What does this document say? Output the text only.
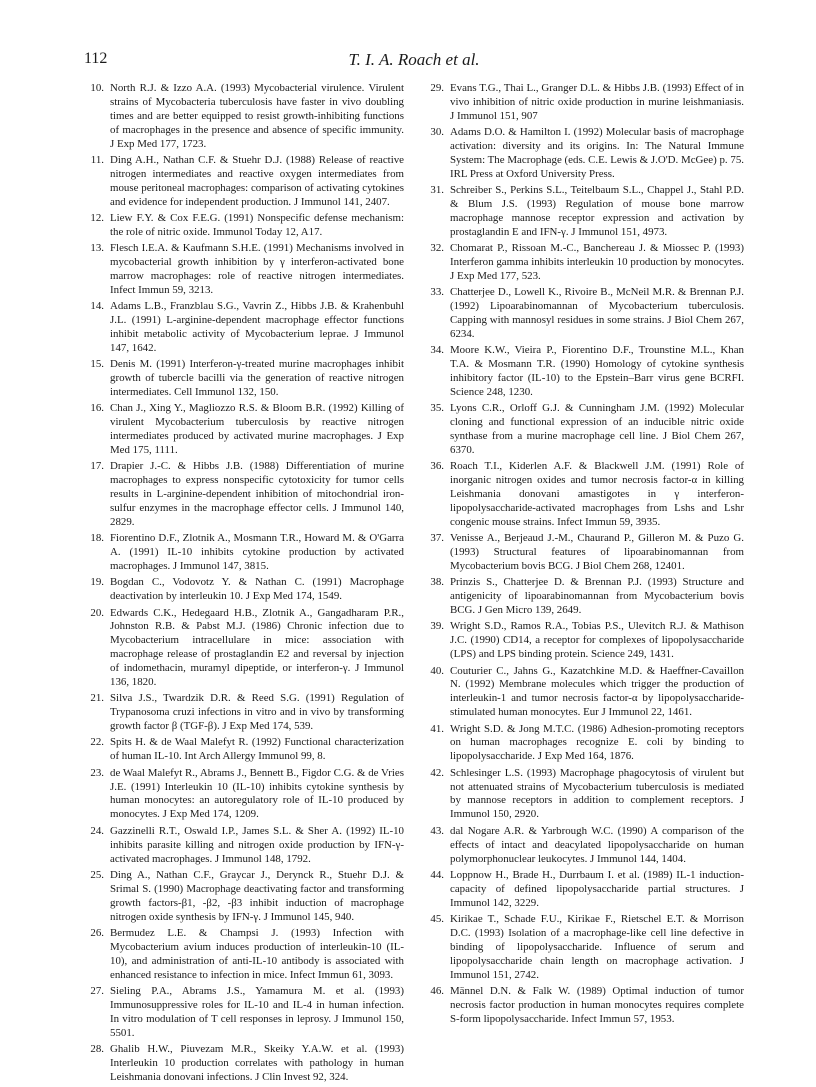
112	T. I. A. Roach et al.
10. North R.J. & Izzo A.A. (1993) Mycobacterial virulence. Virulent strains of Mycobacteria tuberculosis have faster in vivo doubling times and are better equipped to resist growth-inhibiting functions of macrophages in the presence and absence of specific immunity. J Exp Med 177, 1723.
11. Ding A.H., Nathan C.F. & Stuehr D.J. (1988) Release of reactive nitrogen intermediates and reactive oxygen intermediates from mouse peritoneal macrophages: comparison of activating cytokines and evidence for independent production. J Immunol 141, 2407.
12. Liew F.Y. & Cox F.E.G. (1991) Nonspecific defense mechanism: the role of nitric oxide. Immunol Today 12, A17.
13. Flesch I.E.A. & Kaufmann S.H.E. (1991) Mechanisms involved in mycobacterial growth inhibition by γ interferon-activated bone marrow macrophages: role of reactive nitrogen intermediates. Infect Immun 59, 3213.
14. Adams L.B., Franzblau S.G., Vavrin Z., Hibbs J.B. & Krahenbuhl J.L. (1991) L-arginine-dependent macrophage effector functions inhibit metabolic activity of Mycobacterium leprae. J Immunol 147, 1642.
15. Denis M. (1991) Interferon-γ-treated murine macrophages inhibit growth of tubercle bacilli via the generation of reactive nitrogen intermediates. Cell Immunol 132, 150.
16. Chan J., Xing Y., Magliozzo R.S. & Bloom B.R. (1992) Killing of virulent Mycobacterium tuberculosis by reactive nitrogen intermediates produced by activated murine macrophages. J Exp Med 175, 1111.
17. Drapier J.-C. & Hibbs J.B. (1988) Differentiation of murine macrophages to express nonspecific cytotoxicity for tumor cells results in L-arginine-dependent inhibition of mitochondrial iron-sulfur enzymes in the macrophage effector cells. J Immunol 140, 2829.
18. Fiorentino D.F., Zlotnik A., Mosmann T.R., Howard M. & O'Garra A. (1991) IL-10 inhibits cytokine production by activated macrophages. J Immunol 147, 3815.
19. Bogdan C., Vodovotz Y. & Nathan C. (1991) Macrophage deactivation by interleukin 10. J Exp Med 174, 1549.
20. Edwards C.K., Hedegaard H.B., Zlotnik A., Gangadharam P.R., Johnston R.B. & Pabst M.J. (1986) Chronic infection due to Mycobacterium intracellulare in mice: association with macrophage release of prostaglandin E2 and reversal by injection of indomethacin, muramyl dipeptide, or interferon-γ. J Immunol 136, 1820.
21. Silva J.S., Twardzik D.R. & Reed S.G. (1991) Regulation of Trypanosoma cruzi infections in vitro and in vivo by transforming growth factor β (TGF-β). J Exp Med 174, 539.
22. Spits H. & de Waal Malefyt R. (1992) Functional characterization of human IL-10. Int Arch Allergy Immunol 99, 8.
23. de Waal Malefyt R., Abrams J., Bennett B., Figdor C.G. & de Vries J.E. (1991) Interleukin 10 (IL-10) inhibits cytokine synthesis by human monocytes: an autoregulatory role of IL-10 produced by monocytes. J Exp Med 174, 1209.
24. Gazzinelli R.T., Oswald I.P., James S.L. & Sher A. (1992) IL-10 inhibits parasite killing and nitrogen oxide production by IFN-γ-activated macrophages. J Immunol 148, 1792.
25. Ding A., Nathan C.F., Graycar J., Derynck R., Stuehr D.J. & Srimal S. (1990) Macrophage deactivating factor and transforming growth factors-β1, -β2, -β3 inhibit induction of macrophage nitrogen oxide synthesis by IFN-γ. J Immunol 145, 940.
26. Bermudez L.E. & Champsi J. (1993) Infection with Mycobacterium avium induces production of interleukin-10 (IL-10), and administration of anti-IL-10 antibody is associated with enhanced resistance to infection in mice. Infect Immun 61, 3093.
27. Sieling P.A., Abrams J.S., Yamamura M. et al. (1993) Immunosuppressive roles for IL-10 and IL-4 in human infection. In vitro modulation of T cell responses in leprosy. J Immunol 150, 5501.
28. Ghalib H.W., Piuvezam M.R., Skeiky Y.A.W. et al. (1993) Interleukin 10 production correlates with pathology in human Leishmania donovani infections. J Clin Invest 92, 324.
29. Evans T.G., Thai L., Granger D.L. & Hibbs J.B. (1993) Effect of in vivo inhibition of nitric oxide production in murine leishmaniasis. J Immunol 151, 907
30. Adams D.O. & Hamilton I. (1992) Molecular basis of macrophage activation: diversity and its origins. In: The Natural Immune System: The Macrophage (eds. C.E. Lewis & J.O'D. McGee) p. 75. IRL Press at Oxford University Press.
31. Schreiber S., Perkins S.L., Teitelbaum S.L., Chappel J., Stahl P.D. & Blum J.S. (1993) Regulation of mouse bone marrow macrophage mannose receptor expression and activation by prostaglandin E and IFN-γ. J Immunol 151, 4973.
32. Chomarat P., Rissoan M.-C., Banchereau J. & Miossec P. (1993) Interferon gamma inhibits interleukin 10 production by monocytes. J Exp Med 177, 523.
33. Chatterjee D., Lowell K., Rivoire B., McNeil M.R. & Brennan P.J. (1992) Lipoarabinomannan of Mycobacterium tuberculosis. Capping with mannosyl residues in some strains. J Biol Chem 267, 6234.
34. Moore K.W., Vieira P., Fiorentino D.F., Trounstine M.L., Khan T.A. & Mosmann T.R. (1990) Homology of cytokine synthesis inhibitory factor (IL-10) to the Epstein–Barr virus gene BCRFI. Science 248, 1230.
35. Lyons C.R., Orloff G.J. & Cunningham J.M. (1992) Molecular cloning and functional expression of an inducible nitric oxide synthase from a murine macrophage cell line. J Biol Chem 267, 6370.
36. Roach T.I., Kiderlen A.F. & Blackwell J.M. (1991) Role of inorganic nitrogen oxides and tumor necrosis factor-α in killing Leishmania donovani amastigotes in γ interferon-lipopolysaccharide-activated macrophages from Lshs and Lshr congenic mouse strains. Infect Immun 59, 3935.
37. Venisse A., Berjeaud J.-M., Chaurand P., Gilleron M. & Puzo G. (1993) Structural features of lipoarabinomannan from Mycobacterium bovis BCG. J Biol Chem 268, 12401.
38. Prinzis S., Chatterjee D. & Brennan P.J. (1993) Structure and antigenicity of lipoarabinomannan from Mycobacterium bovis BCG. J Gen Micro 139, 2649.
39. Wright S.D., Ramos R.A., Tobias P.S., Ulevitch R.J. & Mathison J.C. (1990) CD14, a receptor for complexes of lipopolysaccharide (LPS) and LPS binding protein. Science 249, 1431.
40. Couturier C., Jahns G., Kazatchkine M.D. & Haeffner-Cavaillon N. (1992) Membrane molecules which trigger the production of interleukin-1 and tumor necrosis factor-α by lipopolysaccharide-stimulated human monocytes. Eur J Immunol 22, 1461.
41. Wright S.D. & Jong M.T.C. (1986) Adhesion-promoting receptors on human macrophages recognize E. coli by binding to lipopolysaccharide. J Exp Med 164, 1876.
42. Schlesinger L.S. (1993) Macrophage phagocytosis of virulent but not attenuated strains of Mycobacterium tuberculosis is mediated by mannose receptors in addition to complement receptors. J Immunol 150, 2920.
43. dal Nogare A.R. & Yarbrough W.C. (1990) A comparison of the effects of intact and deacylated lipopolysaccharide on human polymorphonuclear leukocytes. J Immunol 144, 1404.
44. Loppnow H., Brade H., Durrbaum I. et al. (1989) IL-1 induction-capacity of defined lipopolysaccharide partial structures. J Immunol 142, 3229.
45. Kirikae T., Schade F.U., Kirikae F., Rietschel E.T. & Morrison D.C. (1993) Isolation of a macrophage-like cell line defective in binding of lipopolysaccharide. Influence of serum and lipopolysaccharide chain length on macrophage activation. J Immunol 151, 2742.
46. Männel D.N. & Falk W. (1989) Optimal induction of tumor necrosis factor production in human monocytes requires complete S-form lipopolysaccharide. Infect Immun 57, 1953.
